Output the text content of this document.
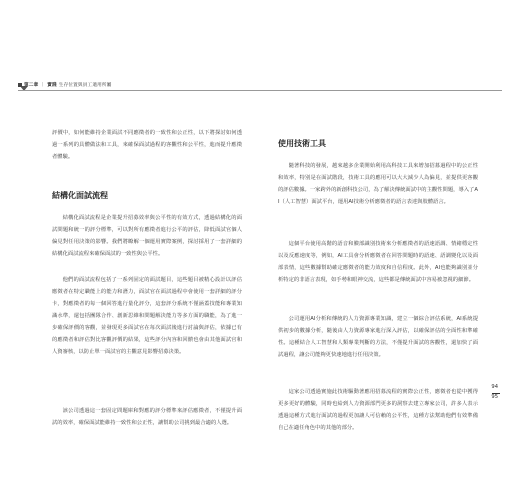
第二章 ｜ 實踐 生存位置與員工適用所屬

評價中，如何能維持企業面試不同應徵者的一致性和公正性，以下將探討如何透過一系列的具體做法和工具，來確保面試過程的客觀性和公平性，進而提升應徵者體驗。

結構化面試流程

結構化面試流程是企業提升招募效率與公平性的有效方式，透過結構化的面試問題和統一的評分標準，可以對所有應徵者進行公平的評估，降低面試官個人偏見對任用決策的影響。我們將瞭解一個運用實際案例，探討採用了一套詳細的結構化面試流程來確保面試的一致性與公平性。

他們的面試流程包括了一系列固定的面試題目，這些題目被精心設計以評估應徵者在特定職能上的能力和潛力，面試官在面試過程中會使用一套詳細的評分卡，對應徵者的每一個回答進行量化評分，這套評分系統不僅涵蓋技能和專業知識水準，還包括團隊合作、創新思維和問題解決能力等多方面的職能，為了進一步確保評價的客觀，並發現更多面試官在每次面試後進行討論與評估，依據已有的應徵者和評估對比客觀評價的結果，這些評分內容和回饋也會由其他面試官和人資審核，以防止單一面試官的主觀意見影響招募決策。

該公司透過這一套固定問題庫和對應的評分標準來評估應徵者，不僅提升面試的效率，確保面試能維持一致性和公正性，讓幫助公司挑到最合適的人選。

使用技術工具

隨著科技的發展，越來越多企業開始利用高科技工具來增加招募過程中的公正性和效率，特別是在面試階段，技術工具的應用可以大大減少人為偏見，並提供更客觀的評估數據。一家跨外的新創科技公司，為了解決傳統面試中的主觀性問題，導入了AI（人工智慧）面試平台，運用AI技術分析應徵者的語言表達與肢體語言。

這個平台使用高階的語音和臉部識別技術來分析應徵者的語速語調、情緒穩定性以及反應速度等，例如，AI工具會分析應徵者在回答問題時的語速、語調變化以及面部表情，這些數據幫助確定應徵者的能力效度和自信程度。此外，AI也能夠識別並分析特定的非語言表現，如手勢和眼神交流，這些都是傳統面試中容易被忽視的細節。

公司運用AI分析和傳統的人力資源專業知識，建立一個綜合評估系統，AI系統提供初步的數據分析，隨後由人力資源專家進行深入評估，以確保評估的全面性和準確性。這種結合人工智慧和人類專業判斷的方法，不僅提升面試的客觀性，還加快了面試過程，讓公司能夠更快速地進行任用決策。

這家公司透過實施此技術驅動著應用招募流程的實際公正性，應徵者也從中獲得更多更好的體驗，同時也給到人力資源部門更多的洞察去建立專家公司，許多人表示透過這種方式進行面試的過程更加讓人可信賴的公平性，這種方法幫助他們有效準備自己在適任角色中的其他的部分。

94
95
